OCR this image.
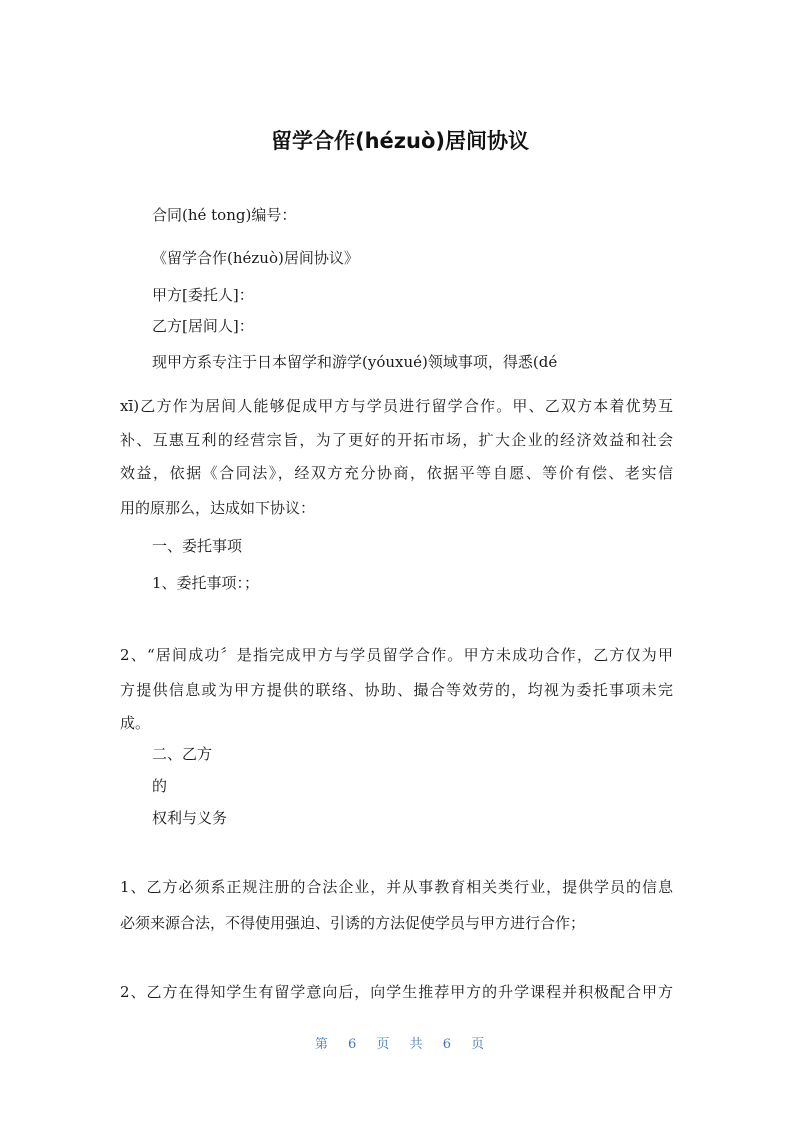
留学合作(hézuò)居间协议
合同(hé tong)编号：
《留学合作(hézuò)居间协议》
甲方[委托人]：
乙方[居间人]：
现甲方系专注于日本留学和游学(yóuxué)领域事项，得悉(dé
xī)乙方作为居间人能够促成甲方与学员进行留学合作。甲、乙双方本着优势互
补、互惠互利的经营宗旨，为了更好的开拓市场，扩大企业的经济效益和社会
效益，依据《合同法》，经双方充分协商，依据平等自愿、等价有偿、老实信
用的原那么，达成如下协议：
一、委托事项
1、委托事项：；
2、“居间成功〞是指完成甲方与学员留学合作。甲方未成功合作，乙方仅为甲
方提供信息或为甲方提供的联络、协助、撮合等效劳的，均视为委托事项未完
成。
二、乙方
的
权利与义务
1、乙方必须系正规注册的合法企业，并从事教育相关类行业，提供学员的信息
必须来源合法，不得使用强迫、引诱的方法促使学员与甲方进行合作；
2、乙方在得知学生有留学意向后，向学生推荐甲方的升学课程并积极配合甲方
第 6 页 共 6 页
